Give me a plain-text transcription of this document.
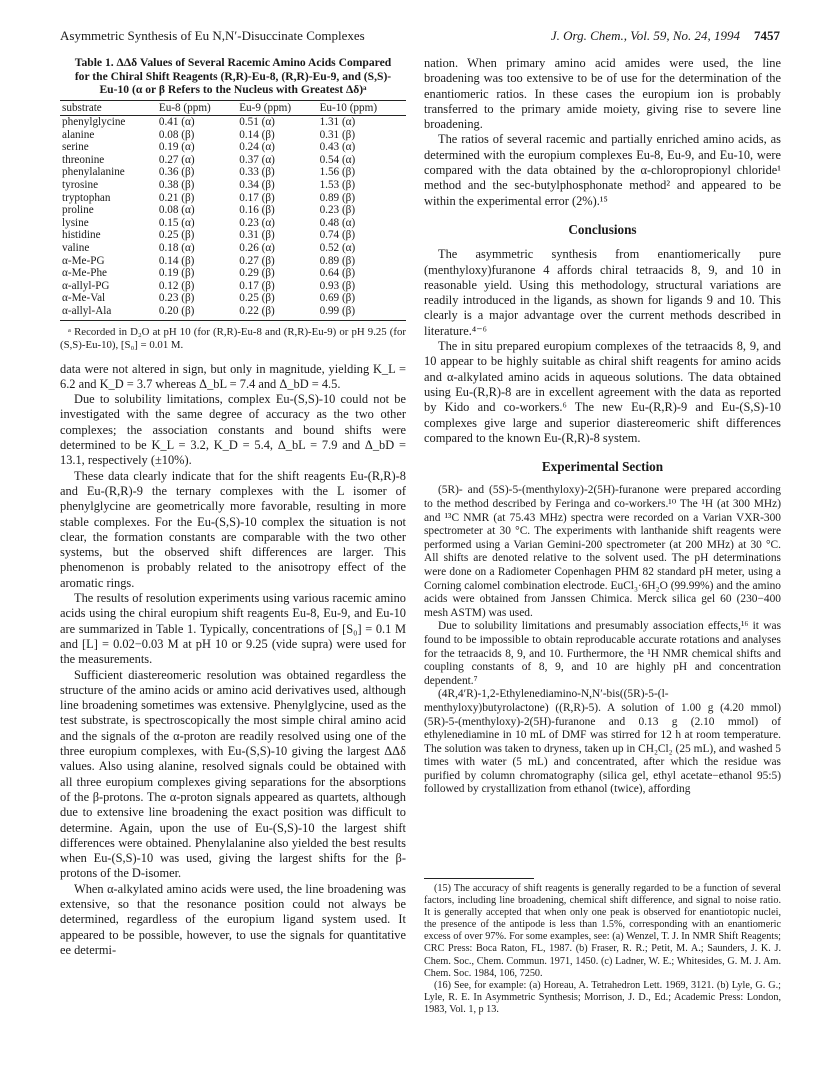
Asymmetric Synthesis of Eu N,N′-Disuccinate Complexes	J. Org. Chem., Vol. 59, No. 24, 1994 7457
Table 1. ΔΔδ Values of Several Racemic Amino Acids Compared for the Chiral Shift Reagents (R,R)-Eu-8, (R,R)-Eu-9, and (S,S)-Eu-10 (α or β Refers to the Nucleus with Greatest Δδ)ᵃ
substrate	Eu-8 (ppm)	Eu-9 (ppm)	Eu-10 (ppm)
phenylglycine	0.41 (α)	0.51 (α)	1.31 (α)
alanine	0.08 (β)	0.14 (β)	0.31 (β)
serine	0.19 (α)	0.24 (α)	0.43 (α)
threonine	0.27 (α)	0.37 (α)	0.54 (α)
phenylalanine	0.36 (β)	0.33 (β)	1.56 (β)
tyrosine	0.38 (β)	0.34 (β)	1.53 (β)
tryptophan	0.21 (β)	0.17 (β)	0.89 (β)
proline	0.08 (α)	0.16 (β)	0.23 (β)
lysine	0.15 (α)	0.23 (α)	0.48 (α)
histidine	0.25 (β)	0.31 (β)	0.74 (β)
valine	0.18 (α)	0.26 (α)	0.52 (α)
α-Me-PG	0.14 (β)	0.27 (β)	0.89 (β)
α-Me-Phe	0.19 (β)	0.29 (β)	0.64 (β)
α-allyl-PG	0.12 (β)	0.17 (β)	0.93 (β)
α-Me-Val	0.23 (β)	0.25 (β)	0.69 (β)
α-allyl-Ala	0.20 (β)	0.22 (β)	0.99 (β)
ᵃ Recorded in D₂O at pH 10 (for (R,R)-Eu-8 and (R,R)-Eu-9) or pH 9.25 (for (S,S)-Eu-10), [S₀] = 0.01 M.

data were not altered in sign, but only in magnitude, yielding K_L = 6.2 and K_D = 3.7 whereas Δ_bL = 7.4 and Δ_bD = 4.5.

Due to solubility limitations, complex Eu-(S,S)-10 could not be investigated with the same degree of accuracy as the two other complexes; the association constants and bound shifts were determined to be K_L = 3.2, K_D = 5.4, Δ_bL = 7.9 and Δ_bD = 13.1, respectively (±10%).

These data clearly indicate that for the shift reagents Eu-(R,R)-8 and Eu-(R,R)-9 the ternary complexes with the L isomer of phenylglycine are geometrically more favorable, resulting in more stable complexes. For the Eu-(S,S)-10 complex the situation is not clear, the formation constants are comparable with the two other systems, but the observed shift differences are larger. This phenomenon is probably related to the anisotropy effect of the aromatic rings.

The results of resolution experiments using various racemic amino acids using the chiral europium shift reagents Eu-8, Eu-9, and Eu-10 are summarized in Table 1. Typically, concentrations of [S₀] = 0.1 M and [L] = 0.02−0.03 M at pH 10 or 9.25 (vide supra) were used for the measurements.

Sufficient diastereomeric resolution was obtained regardless the structure of the amino acids or amino acid derivatives used, although line broadening sometimes was extensive. Phenylglycine, used as the test substrate, is spectroscopically the most simple chiral amino acid and the signals of the α-proton are readily resolved using one of the three europium complexes, with Eu-(S,S)-10 giving the largest ΔΔδ values. Also using alanine, resolved signals could be obtained with all three europium complexes giving separations for the absorptions of the β-protons. The α-proton signals appeared as quartets, although due to extensive line broadening the exact position was difficult to determine. Again, upon the use of Eu-(S,S)-10 the largest shift differences were obtained. Phenylalanine also yielded the best results when Eu-(S,S)-10 was used, giving the largest shifts for the β-protons of the D-isomer.

When α-alkylated amino acids were used, the line broadening was extensive, so that the resonance position could not always be determined, regardless of the europium ligand system used. It appeared to be possible, however, to use the signals for quantitative ee determi-

nation. When primary amino acid amides were used, the line broadening was too extensive to be of use for the determination of the enantiomeric ratios. In these cases the europium ion is probably transferred to the primary amide moiety, giving rise to severe line broadening.

The ratios of several racemic and partially enriched amino acids, as determined with the europium complexes Eu-8, Eu-9, and Eu-10, were compared with the data obtained by the α-chloropropionyl chloride¹ method and the sec-butylphosphonate method² and appeared to be within the experimental error (2%).¹⁵

Conclusions

The asymmetric synthesis from enantiomerically pure (menthyloxy)furanone 4 affords chiral tetraacids 8, 9, and 10 in reasonable yield. Using this methodology, structural variations are readily introduced in the ligands, as shown for ligands 9 and 10. This clearly is a major advantage over the current methods described in literature.⁴⁻⁶

The in situ prepared europium complexes of the tetraacids 8, 9, and 10 appear to be highly suitable as chiral shift reagents for amino acids and α-alkylated amino acids in aqueous solutions. The data obtained using Eu-(R,R)-8 are in excellent agreement with the data as reported by Kido and co-workers.⁶ The new Eu-(R,R)-9 and Eu-(S,S)-10 complexes give large and superior diastereomeric shift differences compared to the known Eu-(R,R)-8 system.

Experimental Section

(5R)- and (5S)-5-(menthyloxy)-2(5H)-furanone were prepared according to the method described by Feringa and co-workers.¹⁰ The ¹H (at 300 MHz) and ¹³C NMR (at 75.43 MHz) spectra were recorded on a Varian VXR-300 spectrometer at 30 °C. The experiments with lanthanide shift reagents were performed using a Varian Gemini-200 spectrometer (at 200 MHz) at 30 °C. All shifts are denoted relative to the solvent used. The pH determinations were done on a Radiometer Copenhagen PHM 82 standard pH meter, using a Corning calomel combination electrode. EuCl₃·6H₂O (99.99%) and the amino acids were obtained from Janssen Chimica. Merck silica gel 60 (230−400 mesh ASTM) was used.

Due to solubility limitations and presumably association effects,¹⁶ it was found to be impossible to obtain reproducable accurate rotations and analyses for the tetraacids 8, 9, and 10. Furthermore, the ¹H NMR chemical shifts and coupling constants of 8, 9, and 10 are highly pH and concentration dependent.⁷

(4R,4′R)-1,2-Ethylenediamino-N,N′-bis((5R)-5-(l-menthyloxy)butyrolactone) ((R,R)-5). A solution of 1.00 g (4.20 mmol) (5R)-5-(menthyloxy)-2(5H)-furanone and 0.13 g (2.10 mmol) of ethylenediamine in 10 mL of DMF was stirred for 12 h at room temperature. The solution was taken to dryness, taken up in CH₂Cl₂ (25 mL), and washed 5 times with water (5 mL) and concentrated, after which the residue was purified by column chromatography (silica gel, ethyl acetate−ethanol 95:5) followed by crystallization from ethanol (twice), affording

(15) The accuracy of shift reagents is generally regarded to be a function of several factors, including line broadening, chemical shift difference, and signal to noise ratio. It is generally accepted that when only one peak is observed for enantiotopic nuclei, the presence of the antipode is less than 1.5%, corresponding with an enantiomeric excess of over 97%. For some examples, see: (a) Wenzel, T. J. In NMR Shift Reagents; CRC Press: Boca Raton, FL, 1987. (b) Fraser, R. R.; Petit, M. A.; Saunders, J. K. J. Chem. Soc., Chem. Commun. 1971, 1450. (c) Ladner, W. E.; Whitesides, G. M. J. Am. Chem. Soc. 1984, 106, 7250.

(16) See, for example: (a) Horeau, A. Tetrahedron Lett. 1969, 3121. (b) Lyle, G. G.; Lyle, R. E. In Asymmetric Synthesis; Morrison, J. D., Ed.; Academic Press: London, 1983, Vol. 1, p 13.
